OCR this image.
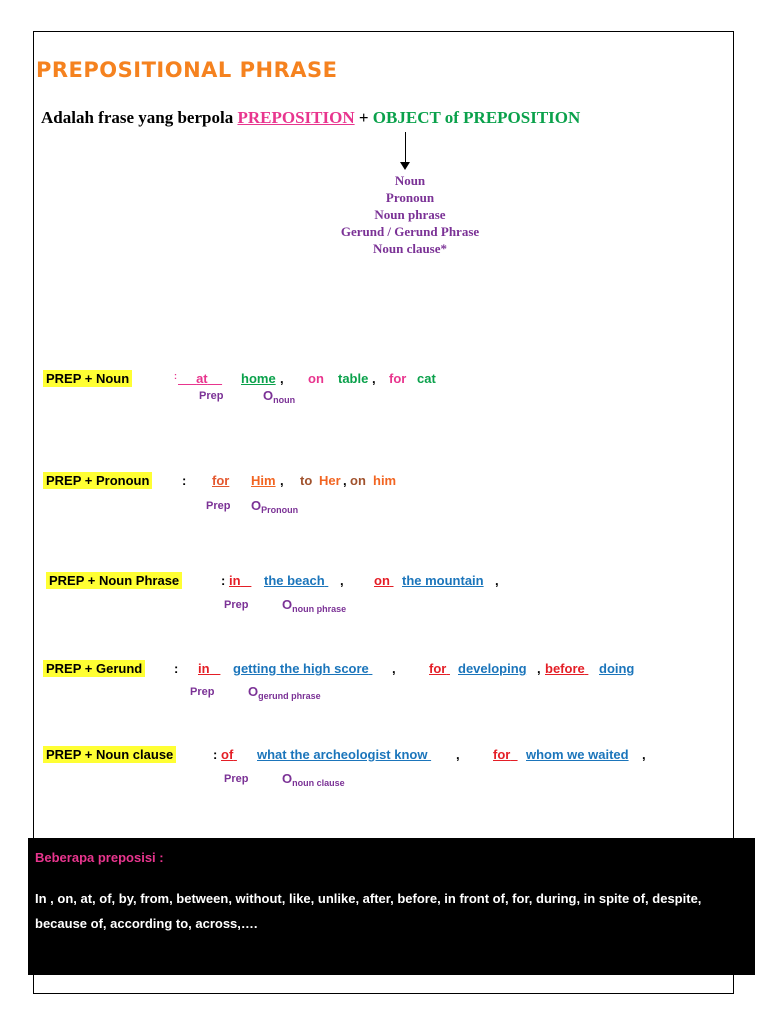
PREPOSITIONAL PHRASE
Adalah frase yang berpola PREPOSITION + OBJECT of PREPOSITION
Noun
Pronoun
Noun phrase
Gerund / Gerund Phrase
Noun clause*
PREP + Noun	:	at	home , on table , for cat
Prep	$O_{noun}$
PREP + Pronoun	: for Him , to Her , on him
Prep $O_{Pronoun}$
PREP + Noun Phrase	: in	the beach , on the mountain ,
Prep	$O_{noun phrase}$
PREP + Gerund : in	getting the high score ,	for developing , before doing
Prep	$O_{gerund phrase}$
PREP + Noun clause	: of what the archeologist know ,	for	whom we waited ,
Prep	$O_{noun clause}$
Beberapa preposisi :
In , on, at, of, by, from, between, without, like, unlike, after, before, in front of, for, during, in spite of, despite, because of, according to, across,….
